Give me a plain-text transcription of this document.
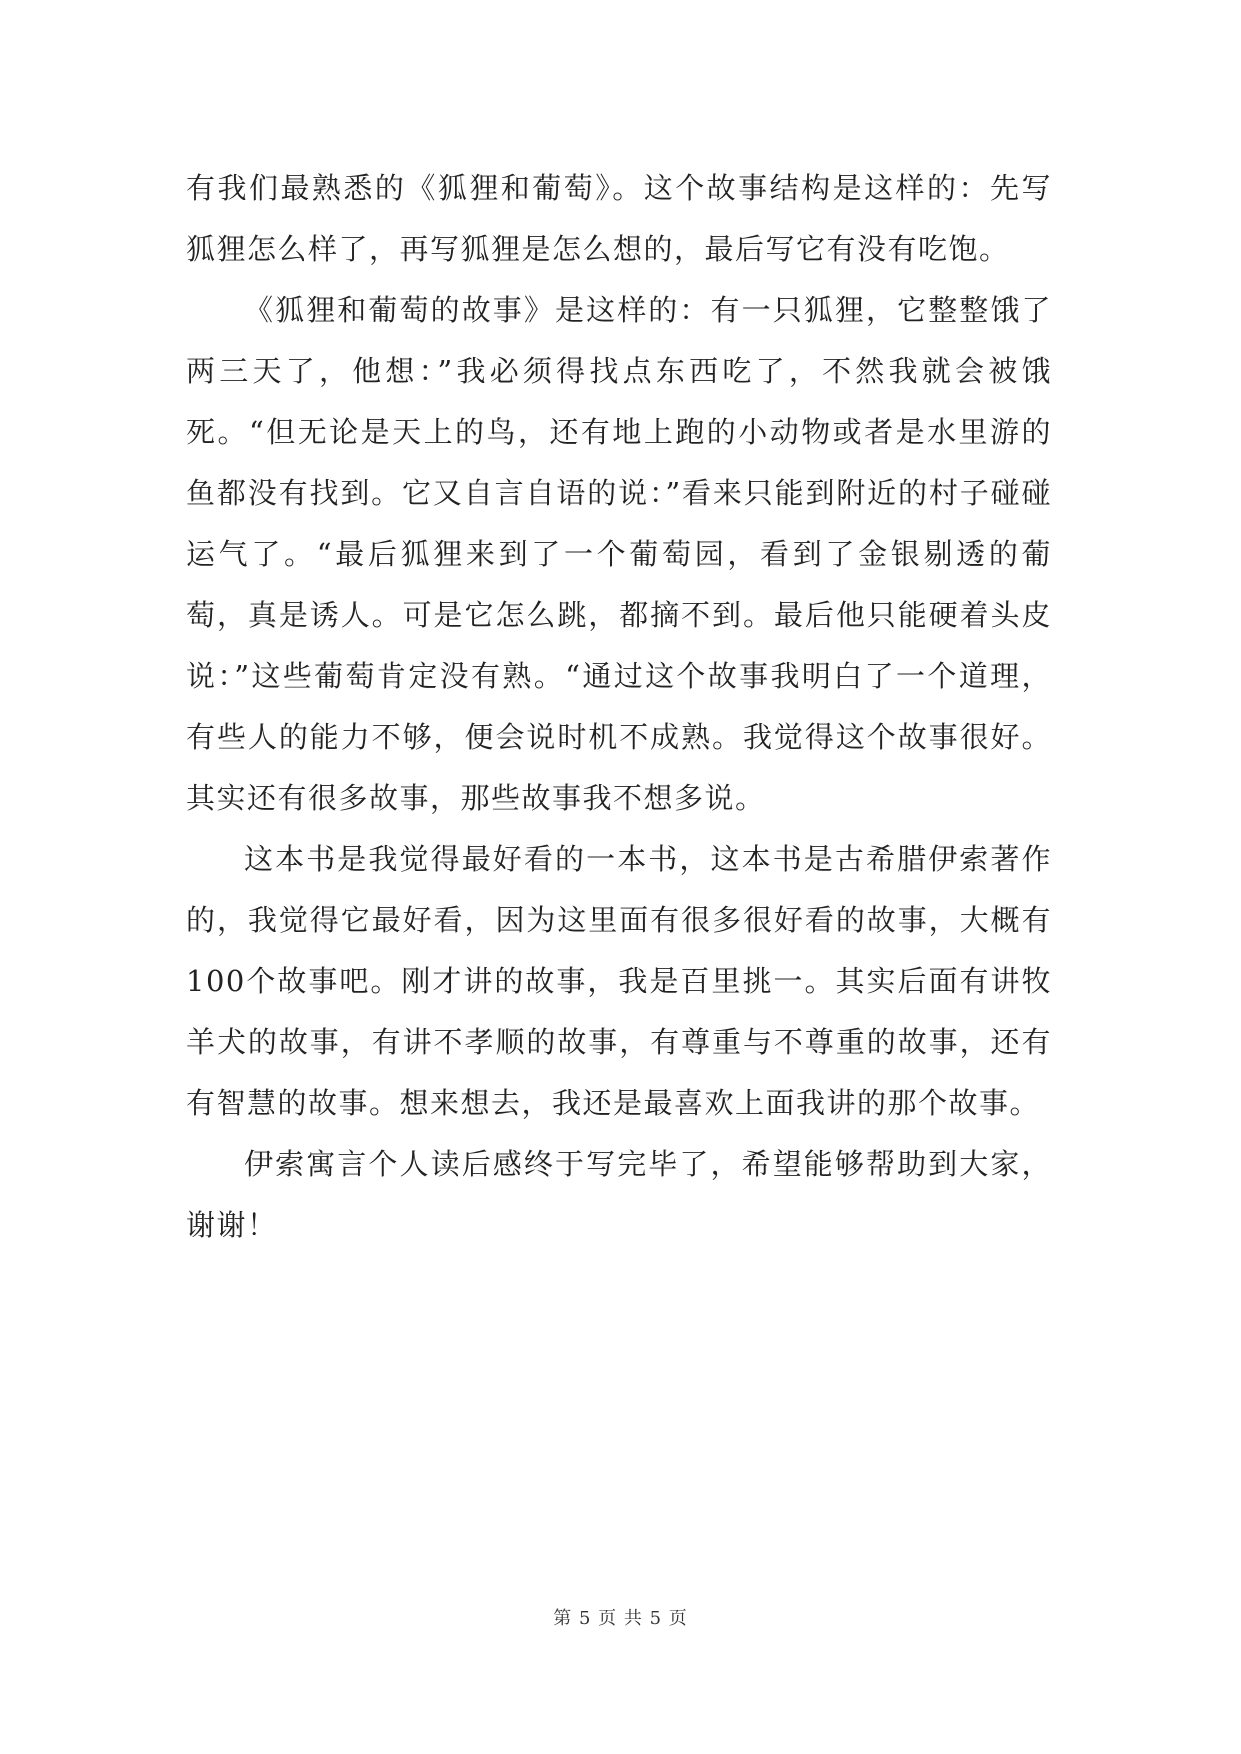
有我们最熟悉的《狐狸和葡萄》。这个故事结构是这样的：先写狐狸怎么样了，再写狐狸是怎么想的，最后写它有没有吃饱。

《狐狸和葡萄的故事》是这样的：有一只狐狸，它整整饿了两三天了，他想：”我必须得找点东西吃了，不然我就会被饿死。“但无论是天上的鸟，还有地上跑的小动物或者是水里游的鱼都没有找到。它又自言自语的说：”看来只能到附近的村子碰碰运气了。“最后狐狸来到了一个葡萄园，看到了金银剔透的葡萄，真是诱人。可是它怎么跳，都摘不到。最后他只能硬着头皮说：”这些葡萄肯定没有熟。“通过这个故事我明白了一个道理，有些人的能力不够，便会说时机不成熟。我觉得这个故事很好。其实还有很多故事，那些故事我不想多说。

这本书是我觉得最好看的一本书，这本书是古希腊伊索著作的，我觉得它最好看，因为这里面有很多很好看的故事，大概有100个故事吧。刚才讲的故事，我是百里挑一。其实后面有讲牧羊犬的故事，有讲不孝顺的故事，有尊重与不尊重的故事，还有有智慧的故事。想来想去，我还是最喜欢上面我讲的那个故事。

伊索寓言个人读后感终于写完毕了，希望能够帮助到大家，谢谢！

第 5 页 共 5 页
